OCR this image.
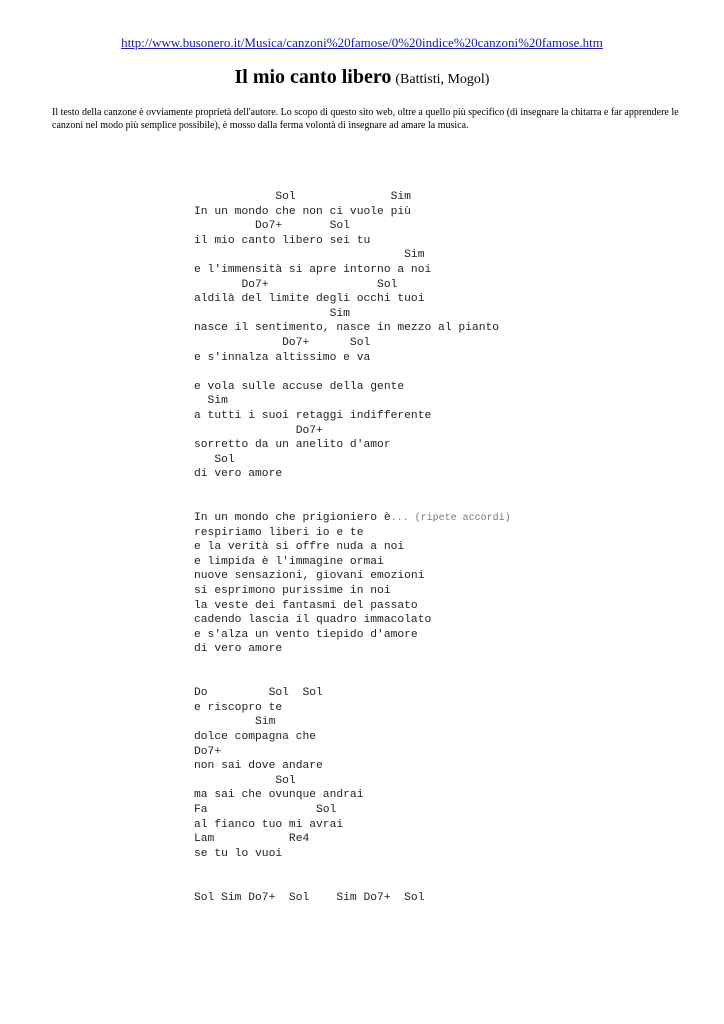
http://www.busonero.it/Musica/canzoni%20famose/0%20indice%20canzoni%20famose.htm
Il mio canto libero (Battisti, Mogol)
Il testo della canzone è ovviamente proprietà dell'autore. Lo scopo di questo sito web, oltre a quello più specifico (di insegnare la chitarra e far apprendere le canzoni nel modo più semplice possibile), è mosso dalla ferma volontà di insegnare ad amare la musica.
Sol              Sim
In un mondo che non ci vuole più
Do7+       Sol
il mio canto libero sei tu
Sim
e l'immensità si apre intorno a noi
Do7+                Sol
aldilà del limite degli occhi tuoi
Sim
nasce il sentimento, nasce in mezzo al pianto
Do7+      Sol
e s'innalza altissimo e va
e vola sulle accuse della gente
Sim
a tutti i suoi retaggi indifferente
Do7+
sorretto da un anelito d'amor
Sol
di vero amore
In un mondo che prigioniero è... (ripete accordi)
respiriamo liberi io e te
e la verità si offre nuda a noi
e limpida è l'immagine ormai
nuove sensazioni, giovani emozioni
si esprimono purissime in noi
la veste dei fantasmi del passato
cadendo lascia il quadro immacolato
e s'alza un vento tiepido d'amore
di vero amore
Do         Sol  Sol
e riscopro te
Sim
dolce compagna che
Do7+
non sai dove andare
Sol
ma sai che ovunque andrai
Fa                Sol
al fianco tuo mi avrai
Lam           Re4
se tu lo vuoi
Sol Sim Do7+  Sol    Sim Do7+  Sol
